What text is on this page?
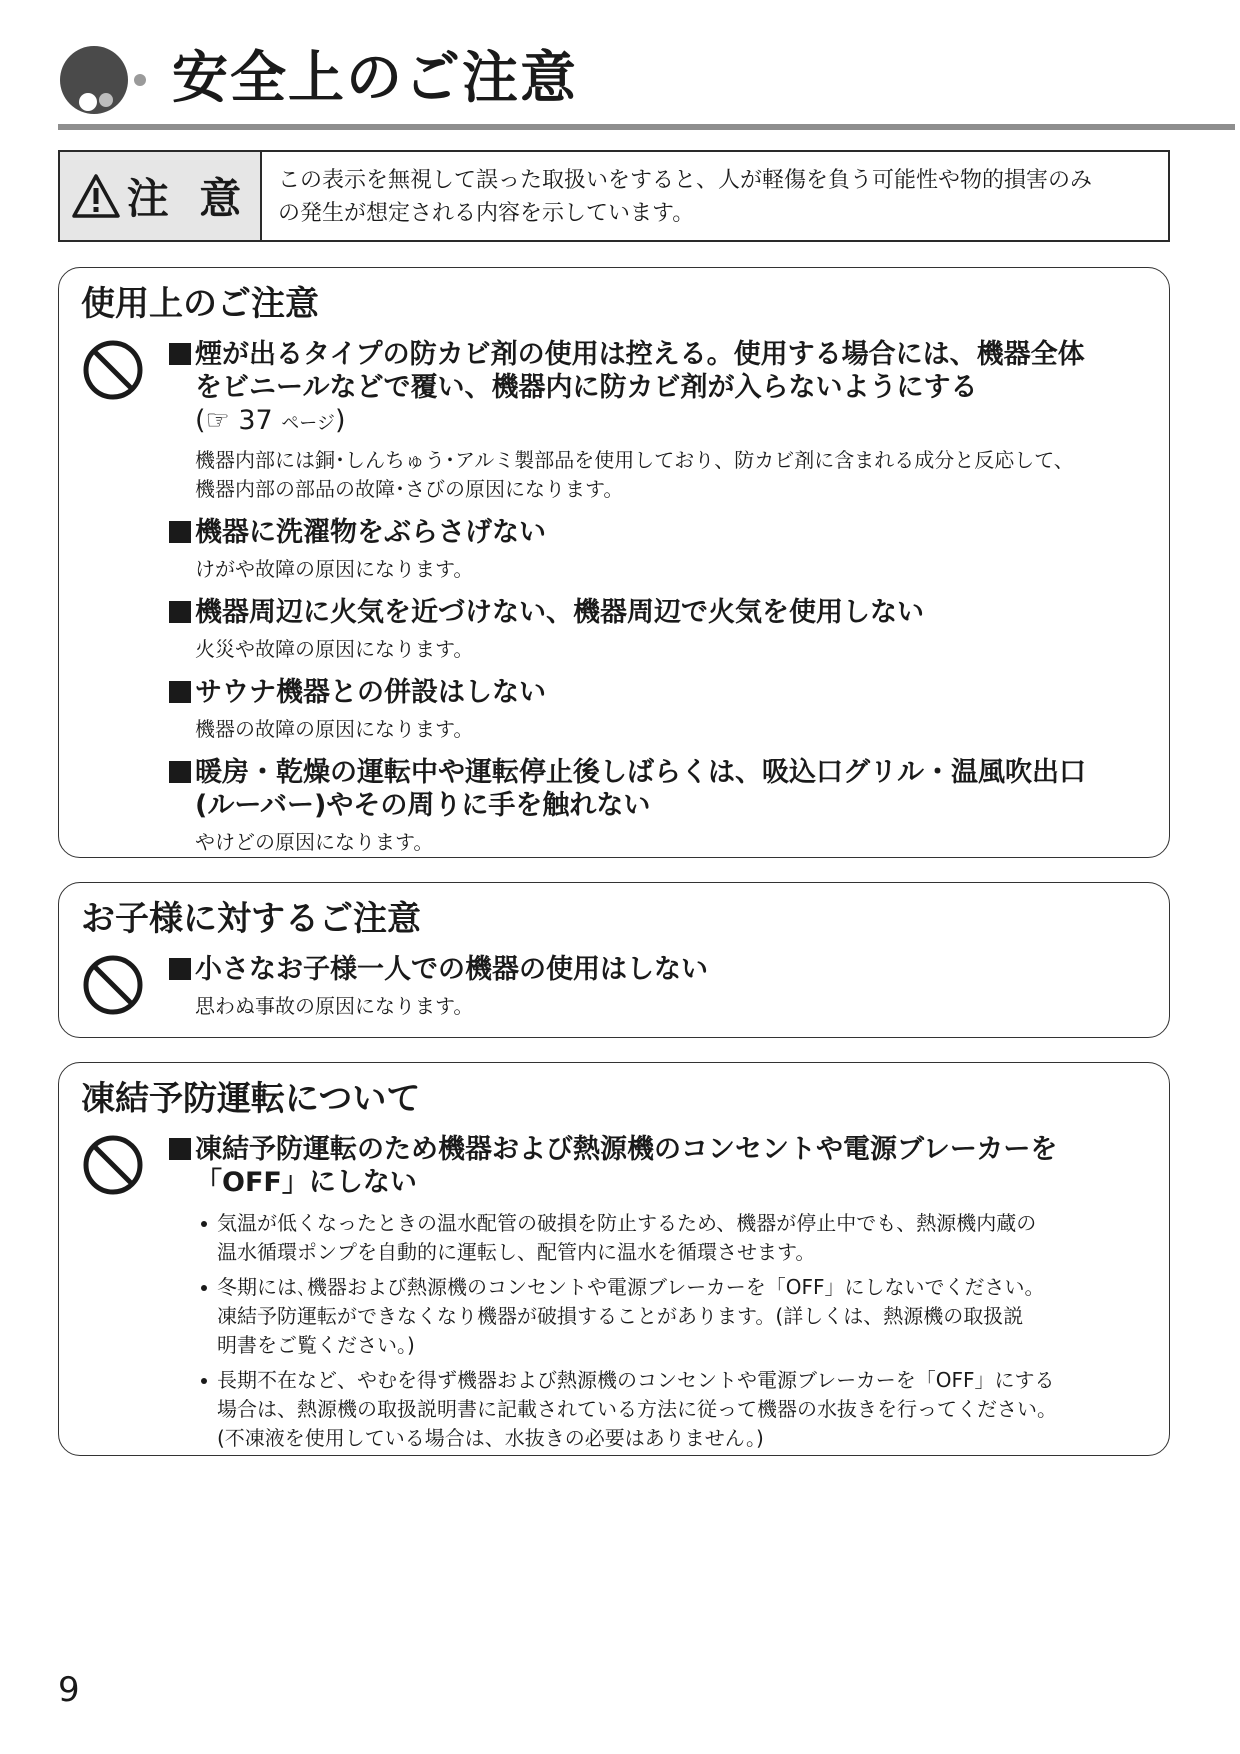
安全上のご注意
注 意 この表示を無視して誤った取扱いをすると、人が軽傷を負う可能性や物的損害のみ
の発生が想定される内容を示しています。
使用上のご注意
煙が出るタイプの防カビ剤の使用は控える。使用する場合には、機器全体
をビニールなどで覆い、機器内に防カビ剤が入らないようにする
(☞ 37 ページ)
機器内部には銅･しんちゅう･アルミ製部品を使用しており、防カビ剤に含まれる成分と反応して、
機器内部の部品の故障･さびの原因になります。
機器に洗濯物をぶらさげない
けがや故障の原因になります。
機器周辺に火気を近づけない、機器周辺で火気を使用しない
火災や故障の原因になります。
サウナ機器との併設はしない
機器の故障の原因になります。
暖房・乾燥の運転中や運転停止後しばらくは、吸込口グリル・温風吹出口
(ルーバー)やその周りに手を触れない
やけどの原因になります。
お子様に対するご注意
小さなお子様一人での機器の使用はしない
思わぬ事故の原因になります。
凍結予防運転について
凍結予防運転のため機器および熱源機のコンセントや電源ブレーカーを
「OFF」にしない
気温が低くなったときの温水配管の破損を防止するため、機器が停止中でも、熱源機内蔵の
温水循環ポンプを自動的に運転し、配管内に温水を循環させます。
冬期には､機器および熱源機のコンセントや電源ブレーカーを「OFF」にしないでください。
凍結予防運転ができなくなり機器が破損することがあります。(詳しくは、熱源機の取扱説
明書をご覧ください。)
長期不在など、やむを得ず機器および熱源機のコンセントや電源ブレーカーを「OFF」にする
場合は、熱源機の取扱説明書に記載されている方法に従って機器の水抜きを行ってください。
(不凍液を使用している場合は、水抜きの必要はありません。)
9
